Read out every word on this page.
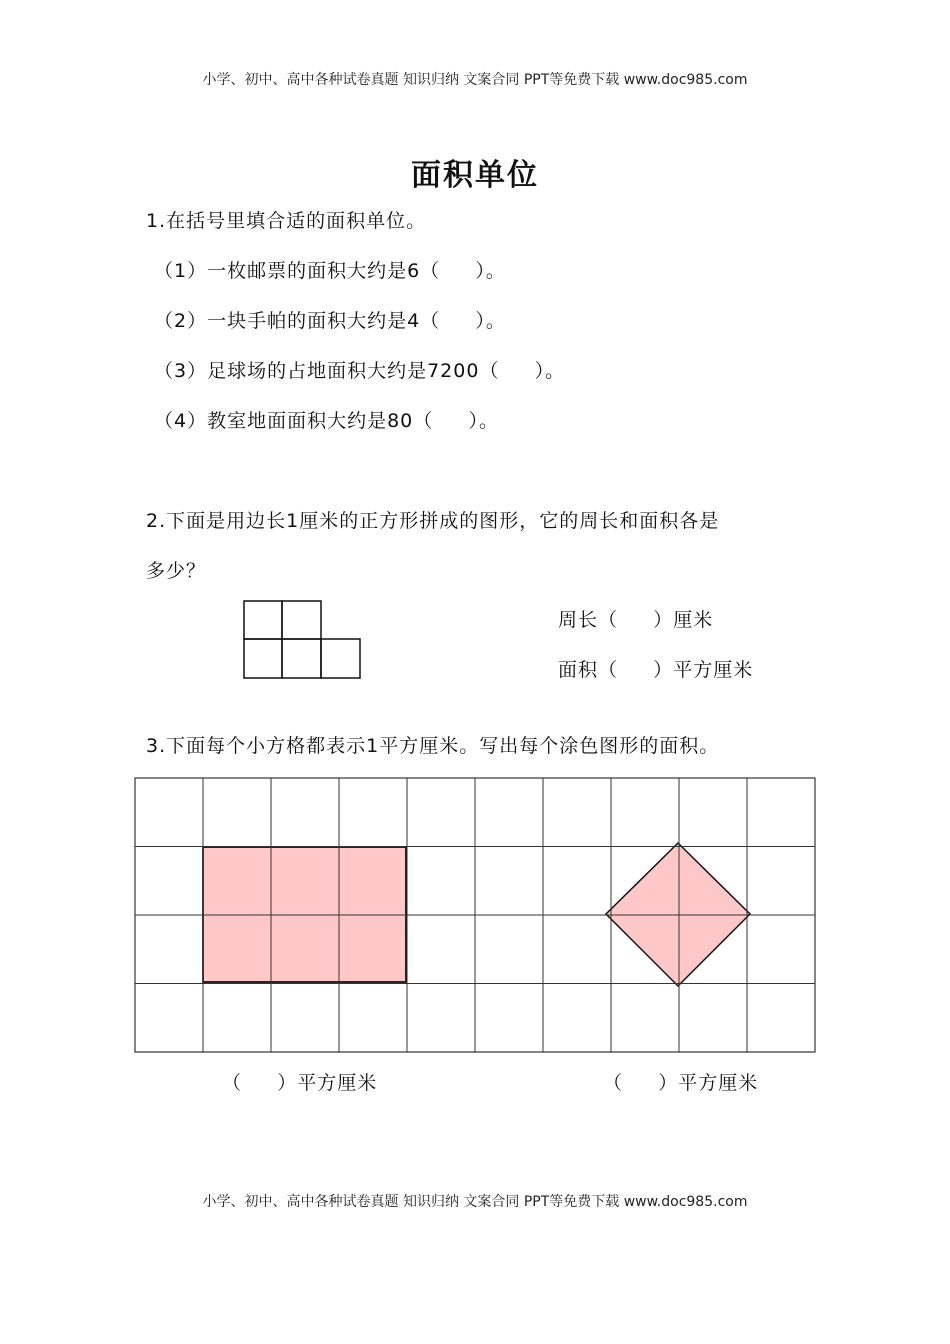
小学、初中、高中各种试卷真题 知识归纳 文案合同 PPT等免费下载 www.doc985.com
面积单位
1.在括号里填合适的面积单位。
（1）一枚邮票的面积大约是6（     ）。
（2）一块手帕的面积大约是4（     ）。
（3）足球场的占地面积大约是7200（     ）。
（4）教室地面面积大约是80（     ）。
2.下面是用边长1厘米的正方形拼成的图形，它的周长和面积各是
多少？
周长（     ）厘米
面积（     ）平方厘米
3.下面每个小方格都表示1平方厘米。写出每个涂色图形的面积。
（     ）平方厘米	（     ）平方厘米
小学、初中、高中各种试卷真题 知识归纳 文案合同 PPT等免费下载 www.doc985.com
